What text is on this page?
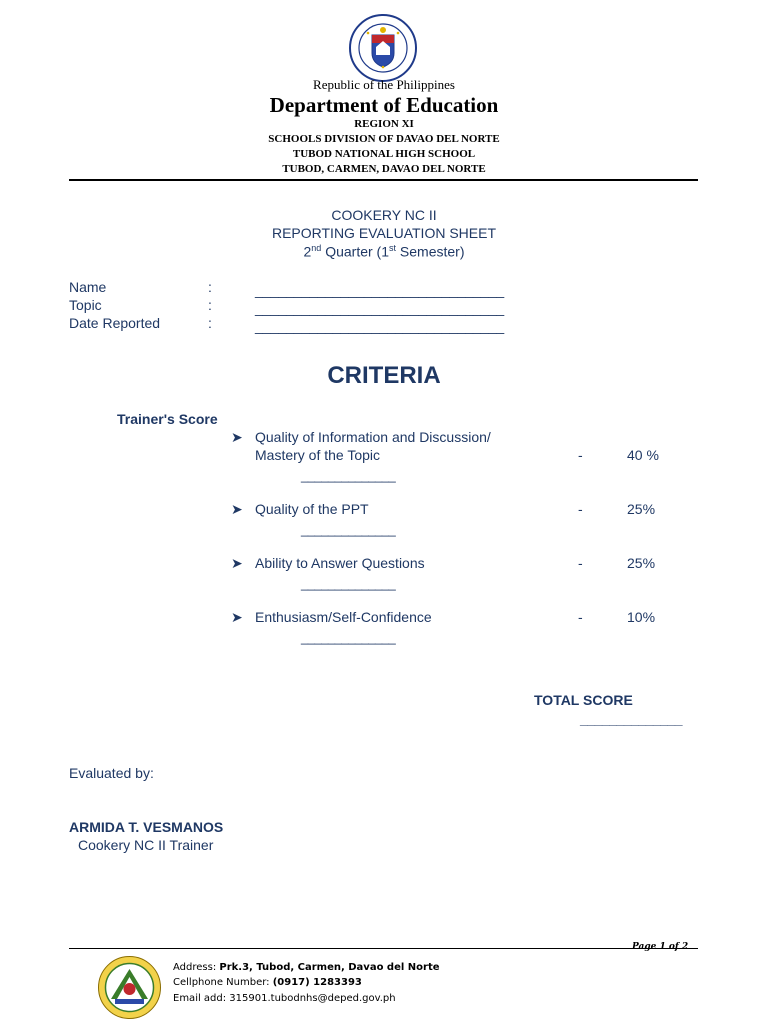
Republic of the Philippines
Department of Education
REGION XI
SCHOOLS DIVISION OF DAVAO DEL NORTE
TUBOD NATIONAL HIGH SCHOOL
TUBOD, CARMEN, DAVAO DEL NORTE
COOKERY NC II
REPORTING EVALUATION SHEET
2nd Quarter (1st Semester)
Name	:	________________________________
Topic	:	________________________________
Date Reported	:	________________________________
CRITERIA
Trainer's Score
➤ Quality of Information and Discussion/
Mastery of the Topic	-	40 %
______________
➤ Quality of the PPT	-	25%
______________
➤ Ability to Answer Questions	-	25%
______________
➤ Enthusiasm/Self-Confidence	-	10%
______________
TOTAL SCORE
______________
Evaluated by:
ARMIDA T. VESMANOS
Cookery NC II Trainer
Page 1 of 2
Address: Prk.3, Tubod, Carmen, Davao del Norte
Cellphone Number: (0917) 1283393
Email add: 315901.tubodnhs@deped.gov.ph
